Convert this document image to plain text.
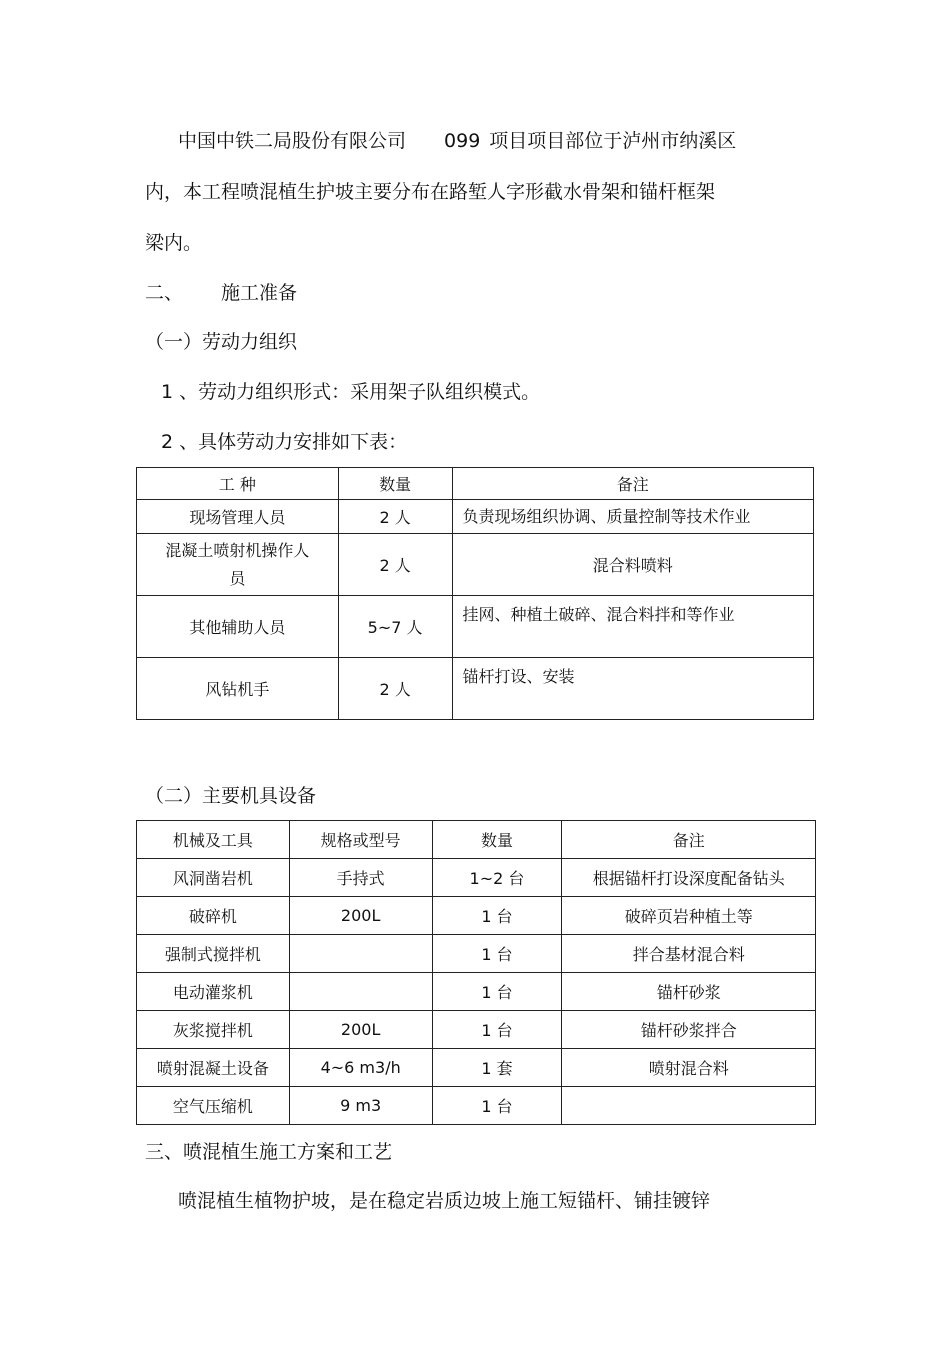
中国中铁二局股份有限公司 099 项目项目部位于泸州市纳溪区
内，本工程喷混植生护坡主要分布在路堑人字形截水骨架和锚杆框架
梁内。
二、 施工准备
（一）劳动力组织
1 、劳动力组织形式：采用架子队组织模式。
2 、具体劳动力安排如下表：
工 种	数量	备注
现场管理人员	2 人	负责现场组织协调、质量控制等技术作业
混凝土喷射机操作人
员	2 人	混合料喷料
其他辅助人员	5~7 人	挂网、种植土破碎、混合料拌和等作业
风钻机手	2 人	锚杆打设、安装
（二）主要机具设备
机械及工具	规格或型号	数量	备注
风洞凿岩机	手持式	1~2 台	根据锚杆打设深度配备钻头
破碎机	200L	1 台	破碎页岩种植土等
强制式搅拌机		1 台	拌合基材混合料
电动灌浆机		1 台	锚杆砂浆
灰浆搅拌机	200L	1 台	锚杆砂浆拌合
喷射混凝土设备	4~6 m3/h	1 套	喷射混合料
空气压缩机	9 m3	1 台	
三、喷混植生施工方案和工艺
喷混植生植物护坡，是在稳定岩质边坡上施工短锚杆、铺挂镀锌
